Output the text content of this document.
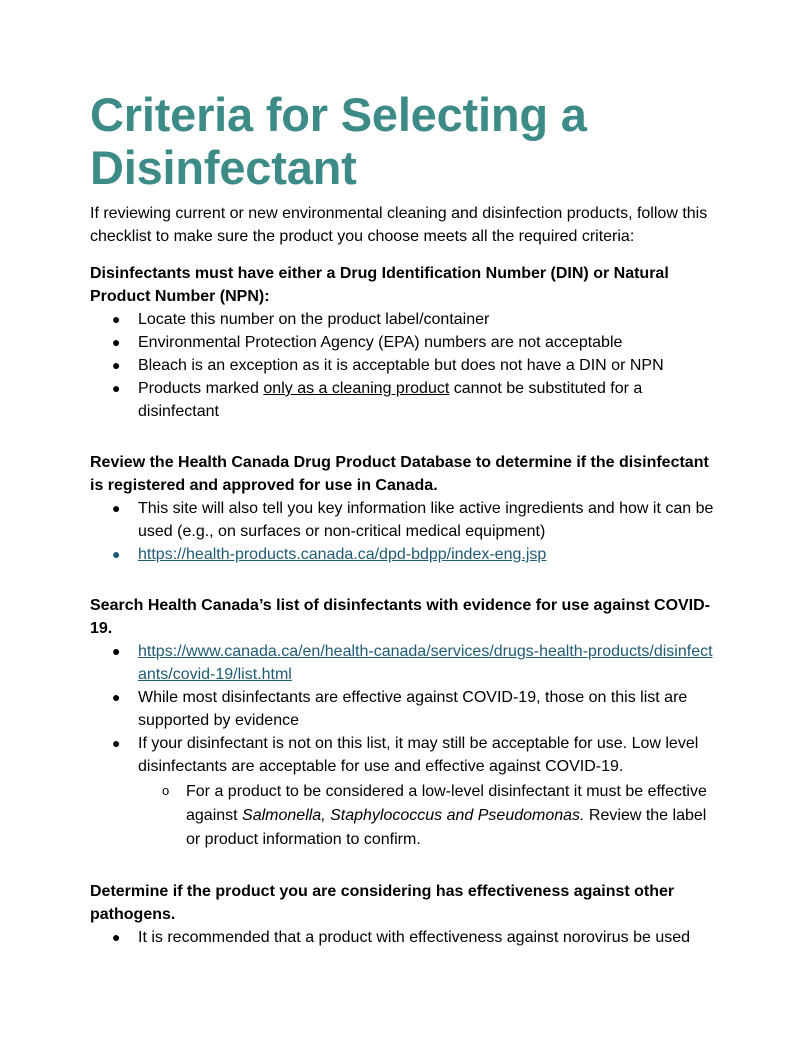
Criteria for Selecting a
Disinfectant

If reviewing current or new environmental cleaning and disinfection products, follow this checklist to make sure the product you choose meets all the required criteria:

Disinfectants must have either a Drug Identification Number (DIN) or Natural Product Number (NPN):

● Locate this number on the product label/container
● Environmental Protection Agency (EPA) numbers are not acceptable
● Bleach is an exception as it is acceptable but does not have a DIN or NPN
● Products marked only as a cleaning product cannot be substituted for a disinfectant

Review the Health Canada Drug Product Database to determine if the disinfectant is registered and approved for use in Canada.

● This site will also tell you key information like active ingredients and how it can be used (e.g., on surfaces or non-critical medical equipment)
● https://health-products.canada.ca/dpd-bdpp/index-eng.jsp

Search Health Canada’s list of disinfectants with evidence for use against COVID-19.

● https://www.canada.ca/en/health-canada/services/drugs-health-products/disinfectants/covid-19/list.html
● While most disinfectants are effective against COVID-19, those on this list are supported by evidence
● If your disinfectant is not on this list, it may still be acceptable for use. Low level disinfectants are acceptable for use and effective against COVID-19.
o For a product to be considered a low-level disinfectant it must be effective against Salmonella, Staphylococcus and Pseudomonas. Review the label or product information to confirm.

Determine if the product you are considering has effectiveness against other pathogens.

● It is recommended that a product with effectiveness against norovirus be used
